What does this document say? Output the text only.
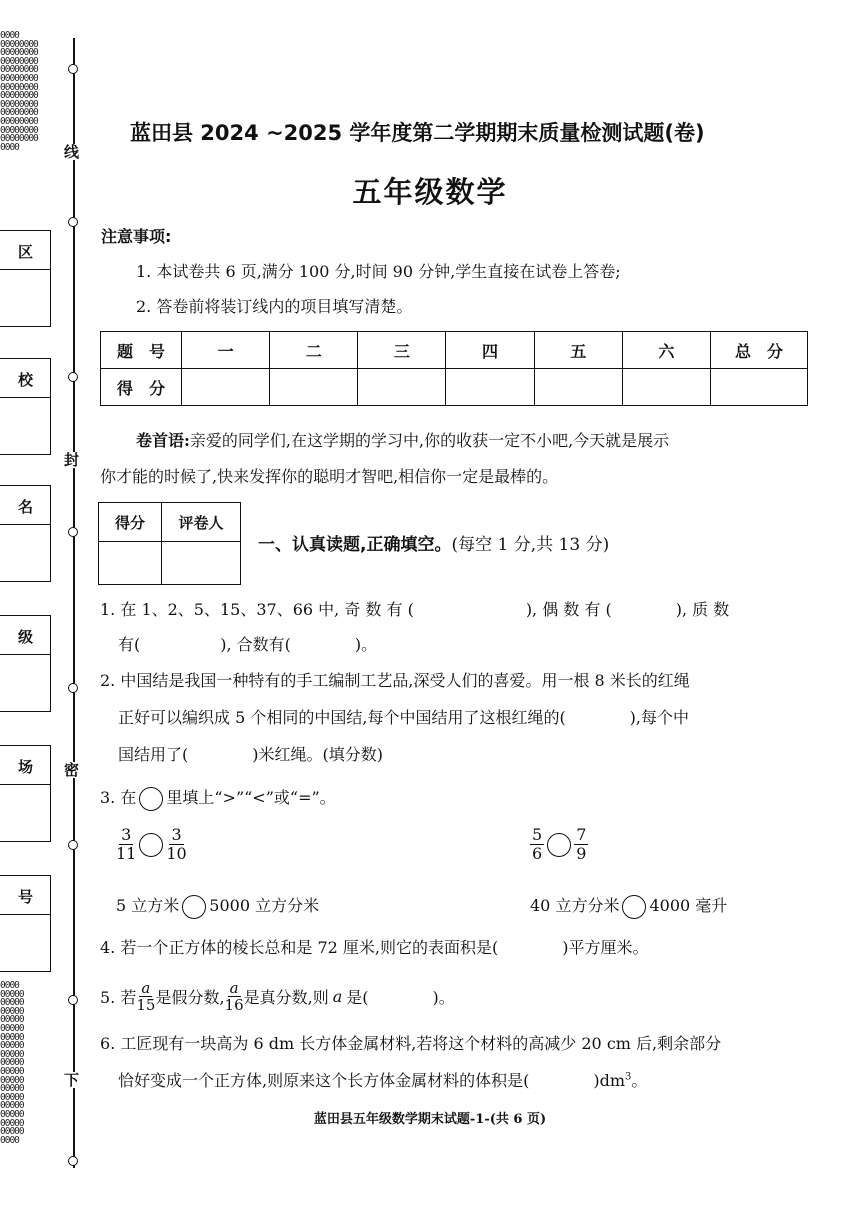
0000
00000000
00000000
00000000
00000000
00000000
00000000
00000000
00000000
00000000
00000000
00000000
00000000
0000
0000
00000
00000
00000
00000
00000
00000
00000
00000
00000
00000
00000
00000
00000
00000
00000
00000
00000
0000
线
封
密
下
区
校
名
级
场
号
蓝田县 2024 ~2025 学年度第二学期期末质量检测试题(卷)
五年级数学
注意事项:
1. 本试卷共 6 页,满分 100 分,时间 90 分钟,学生直接在试卷上答卷;
2. 答卷前将装订线内的项目填写清楚。
题　号	一	二	三	四	五	六	总　分
得　分							
卷首语:亲爱的同学们,在这学期的学习中,你的收获一定不小吧,今天就是展示
你才能的时候了,快来发挥你的聪明才智吧,相信你一定是最棒的。
得分	评卷人

一、认真读题,正确填空。(每空 1 分,共 13 分)
1. 在 1、2、5、15、37、66 中, 奇 数 有 (　　　　　　　), 偶 数 有 (　　　　), 质 数
有(　　　　　), 合数有(　　　　)。
2. 中国结是我国一种特有的手工编制工艺品,深受人们的喜爱。用一根 8 米长的红绳
正好可以编织成 5 个相同的中国结,每个中国结用了这根红绳的(　　　　),每个中
国结用了(　　　　)米红绳。(填分数)
3. 在 里填上“>”“<”或“=”。
$\frac{3}{11} \frac{3}{10}$	$\frac{5}{6} \frac{7}{9}$
5 立方米 5000 立方分米	40 立方分米 4000 毫升
4. 若一个正方体的棱长总和是 72 厘米,则它的表面积是(　　　　)平方厘米。
5. 若 $\frac{a}{15}$ 是假分数, $\frac{a}{16}$ 是真分数,则 a 是(　　　　)。
6. 工匠现有一块高为 6 dm 长方体金属材料,若将这个材料的高减少 20 cm 后,剩余部分
恰好变成一个正方体,则原来这个长方体金属材料的体积是(　　　　)$dm^3$。
蓝田县五年级数学期末试题-1-(共 6 页)
